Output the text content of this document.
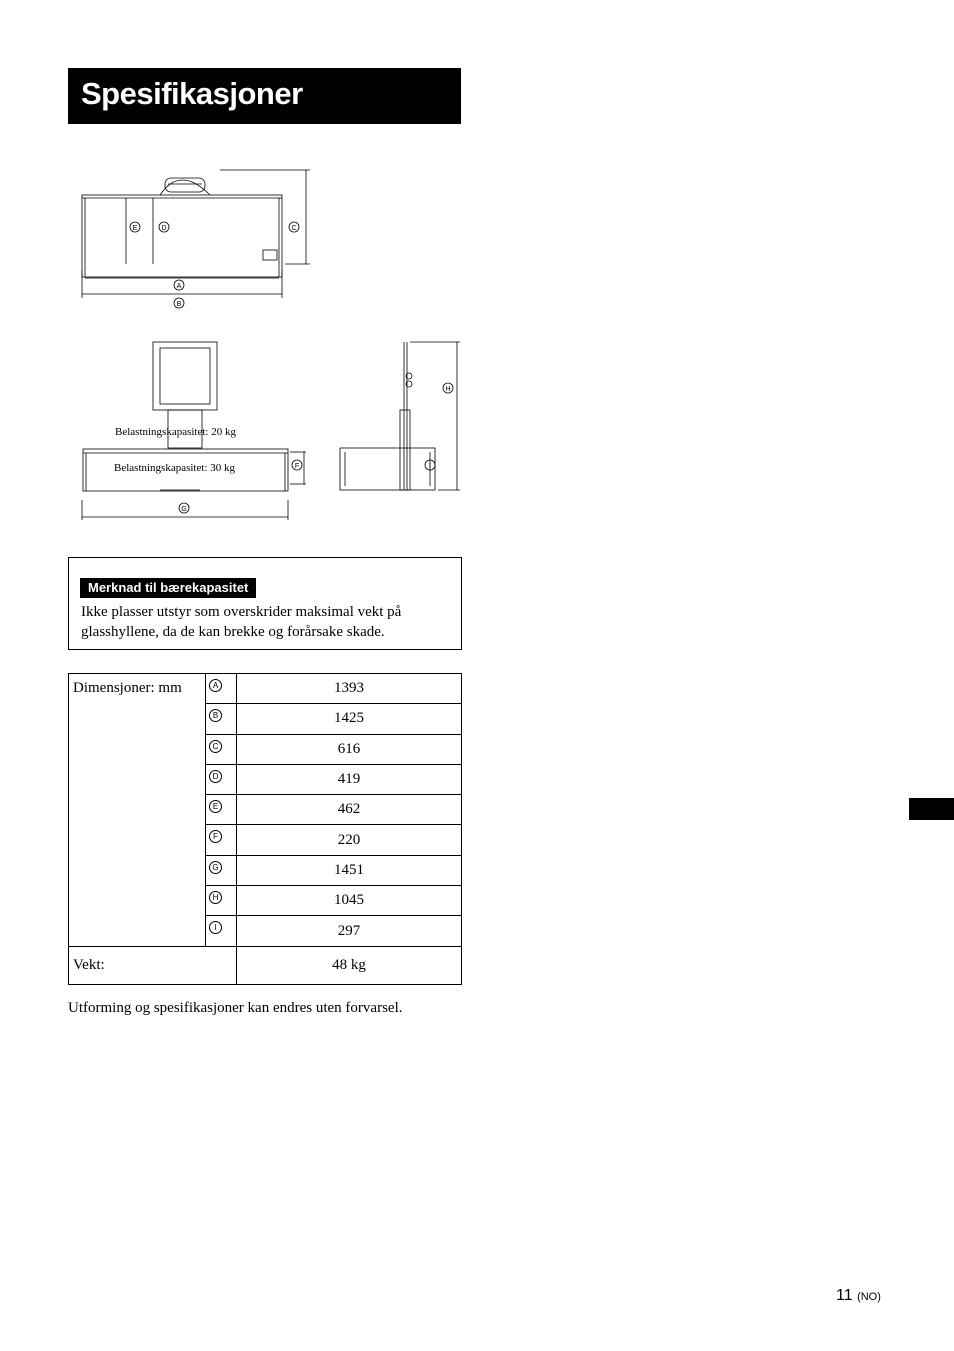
Spesifikasjoner
E	D	C
A
B
Belastningskapasitet: 20 kg
Belastningskapasitet: 30 kg	F
G
H
I
Merknad til bærekapasitet
Ikke plasser utstyr som overskrider maksimal vekt på glasshyllene, da de kan brekke og forårsake skade.
Dimensjoner: mm	A	1393
	B	1425
	C	616
	D	419
	E	462
	F	220
	G	1451
	H	1045
	I	297
Vekt:		48 kg
Utforming og spesifikasjoner kan endres uten forvarsel.
11 (NO)
